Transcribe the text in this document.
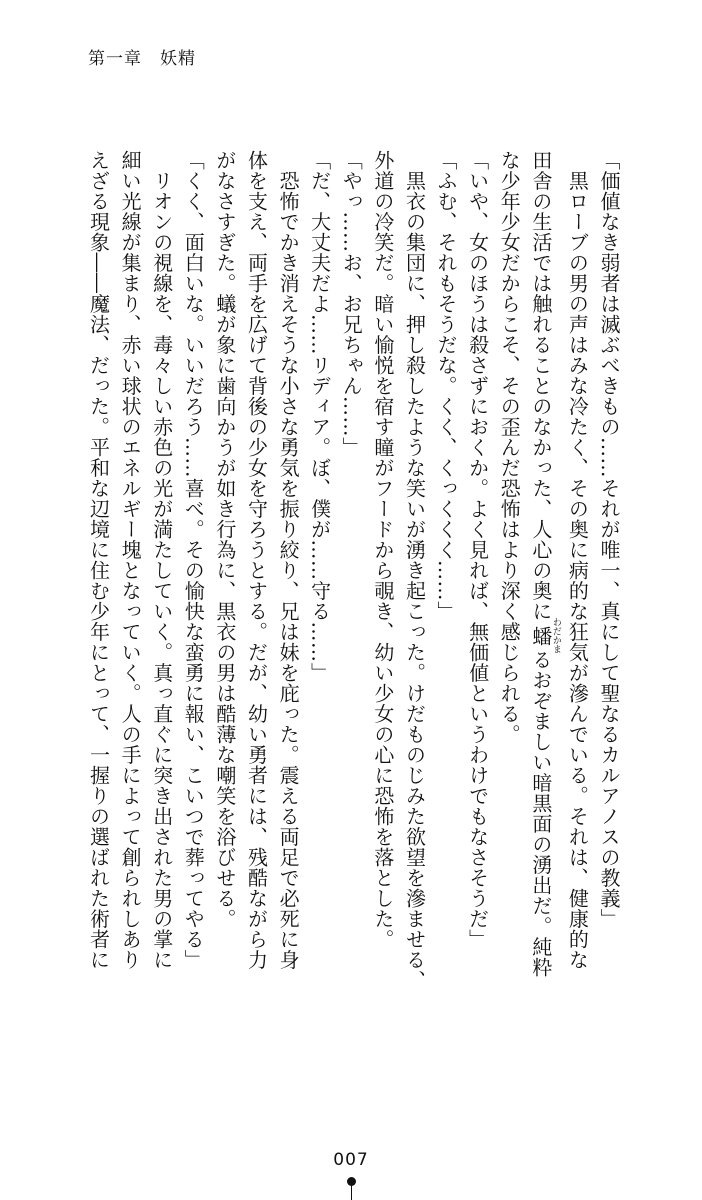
第一章　妖精
「価値なき弱者は滅ぶべきもの……それが唯一、真にして聖なるカルアノスの教義」
　黒ローブの男の声はみな冷たく、その奥に病的な狂気が滲んでいる。それは、健康的な
田舎の生活では触れることのなかった、人心の奥に蟠わだかまるおぞましい暗黒面の湧出だ。純粋
な少年少女だからこそ、その歪んだ恐怖はより深く感じられる。
「いや、女のほうは殺さずにおくか。よく見れば、無価値というわけでもなさそうだ」
「ふむ、それもそうだな。くく、くっくくく……」
　黒衣の集団に、押し殺したような笑いが湧き起こった。けだものじみた欲望を滲ませる、
外道の冷笑だ。暗い愉悦を宿す瞳がフードから覗き、幼い少女の心に恐怖を落とした。
「やっ……お、お兄ちゃん……」
「だ、大丈夫だよ……リディア。ぼ、僕が……守る……」
　恐怖でかき消えそうな小さな勇気を振り絞り、兄は妹を庇った。震える両足で必死に身
体を支え、両手を広げて背後の少女を守ろうとする。だが、幼い勇者には、残酷ながら力
がなさすぎた。蟻が象に歯向かうが如き行為に、黒衣の男は酷薄な嘲笑を浴びせる。
「くく、面白いな。いいだろう……喜べ。その愉快な蛮勇に報い、こいつで葬ってやる」
　リオンの視線を、毒々しい赤色の光が満たしていく。真っ直ぐに突き出された男の掌に
細い光線が集まり、赤い球状のエネルギー塊となっていく。人の手によって創られしあり
えざる現象――魔法、だった。平和な辺境に住む少年にとって、一握りの選ばれた術者に
007
